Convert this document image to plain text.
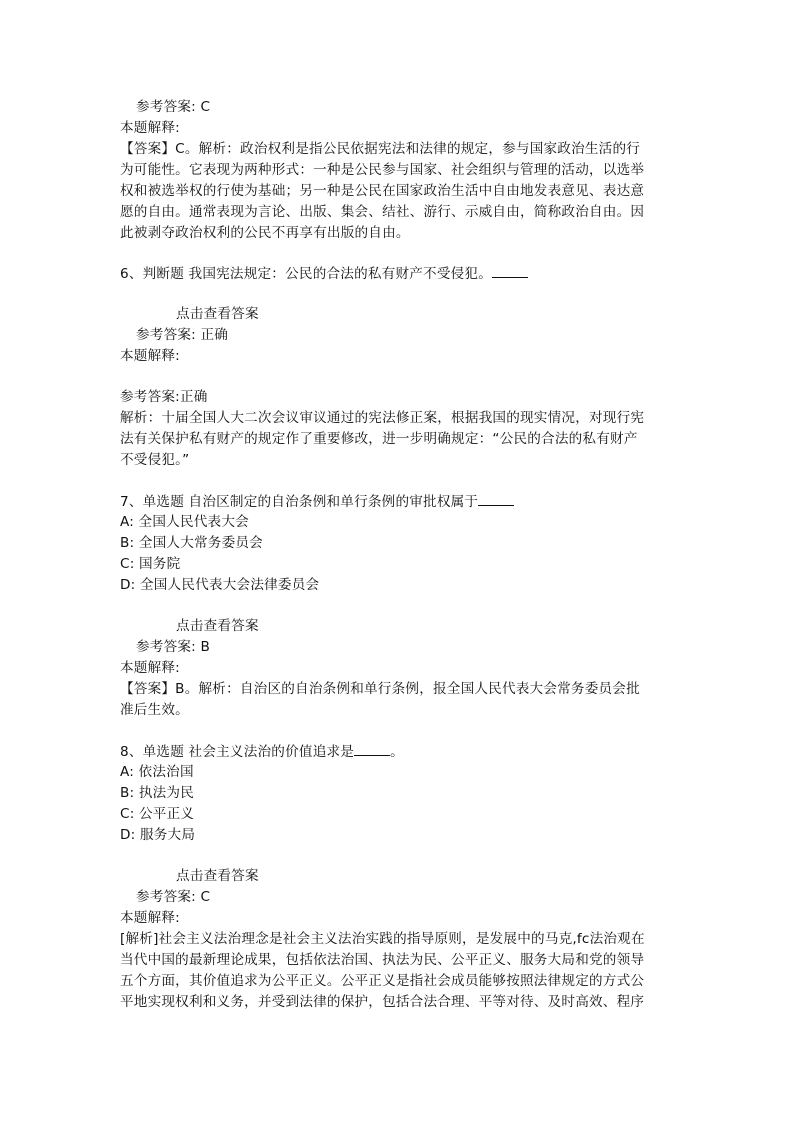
参考答案: C
本题解释:
【答案】C。解析：政治权利是指公民依据宪法和法律的规定，参与国家政治生活的行
为可能性。它表现为两种形式：一种是公民参与国家、社会组织与管理的活动，以选举
权和被选举权的行使为基础；另一种是公民在国家政治生活中自由地发表意见、表达意
愿的自由。通常表现为言论、出版、集会、结社、游行、示威自由，简称政治自由。因
此被剥夺政治权利的公民不再享有出版的自由。
6、判断题 我国宪法规定：公民的合法的私有财产不受侵犯。
点击查看答案
参考答案: 正确
本题解释:
参考答案:正确
解析：十届全国人大二次会议审议通过的宪法修正案，根据我国的现实情况，对现行宪
法有关保护私有财产的规定作了重要修改，进一步明确规定：“公民的合法的私有财产
不受侵犯。”
7、单选题 自治区制定的自治条例和单行条例的审批权属于
A: 全国人民代表大会
B: 全国人大常务委员会
C: 国务院
D: 全国人民代表大会法律委员会
点击查看答案
参考答案: B
本题解释:
【答案】B。解析：自治区的自治条例和单行条例，报全国人民代表大会常务委员会批
准后生效。
8、单选题 社会主义法治的价值追求是	。
A: 依法治国
B: 执法为民
C: 公平正义
D: 服务大局
点击查看答案
参考答案: C
本题解释:
[解析]社会主义法治理念是社会主义法治实践的指导原则，是发展中的马克,fc法治观在
当代中国的最新理论成果，包括依法治国、执法为民、公平正义、服务大局和党的领导
五个方面，其价值追求为公平正义。公平正义是指社会成员能够按照法律规定的方式公
平地实现权利和义务，并受到法律的保护，包括合法合理、平等对待、及时高效、程序
